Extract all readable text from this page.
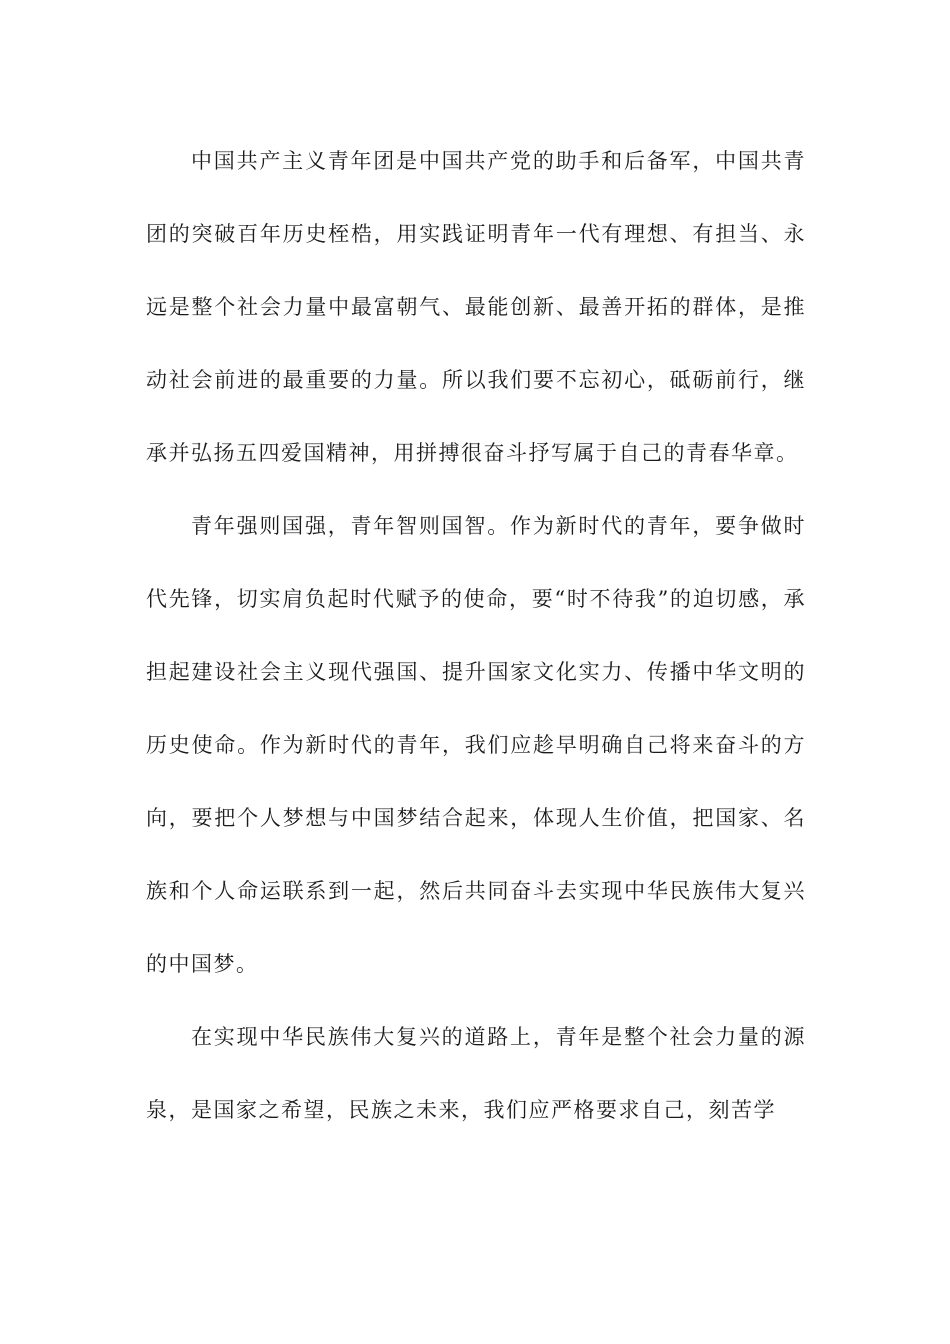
中国共产主义青年团是中国共产党的助手和后备军，中国共青团的突破百年历史桎梏，用实践证明青年一代有理想、有担当、永远是整个社会力量中最富朝气、最能创新、最善开拓的群体，是推动社会前进的最重要的力量。所以我们要不忘初心，砥砺前行，继承并弘扬五四爱国精神，用拼搏很奋斗抒写属于自己的青春华章。

青年强则国强，青年智则国智。作为新时代的青年，要争做时代先锋，切实肩负起时代赋予的使命，要“时不待我”的迫切感，承担起建设社会主义现代强国、提升国家文化实力、传播中华文明的历史使命。作为新时代的青年，我们应趁早明确自己将来奋斗的方向，要把个人梦想与中国梦结合起来，体现人生价值，把国家、名族和个人命运联系到一起，然后共同奋斗去实现中华民族伟大复兴的中国梦。

在实现中华民族伟大复兴的道路上，青年是整个社会力量的源泉，是国家之希望，民族之未来，我们应严格要求自己，刻苦学
